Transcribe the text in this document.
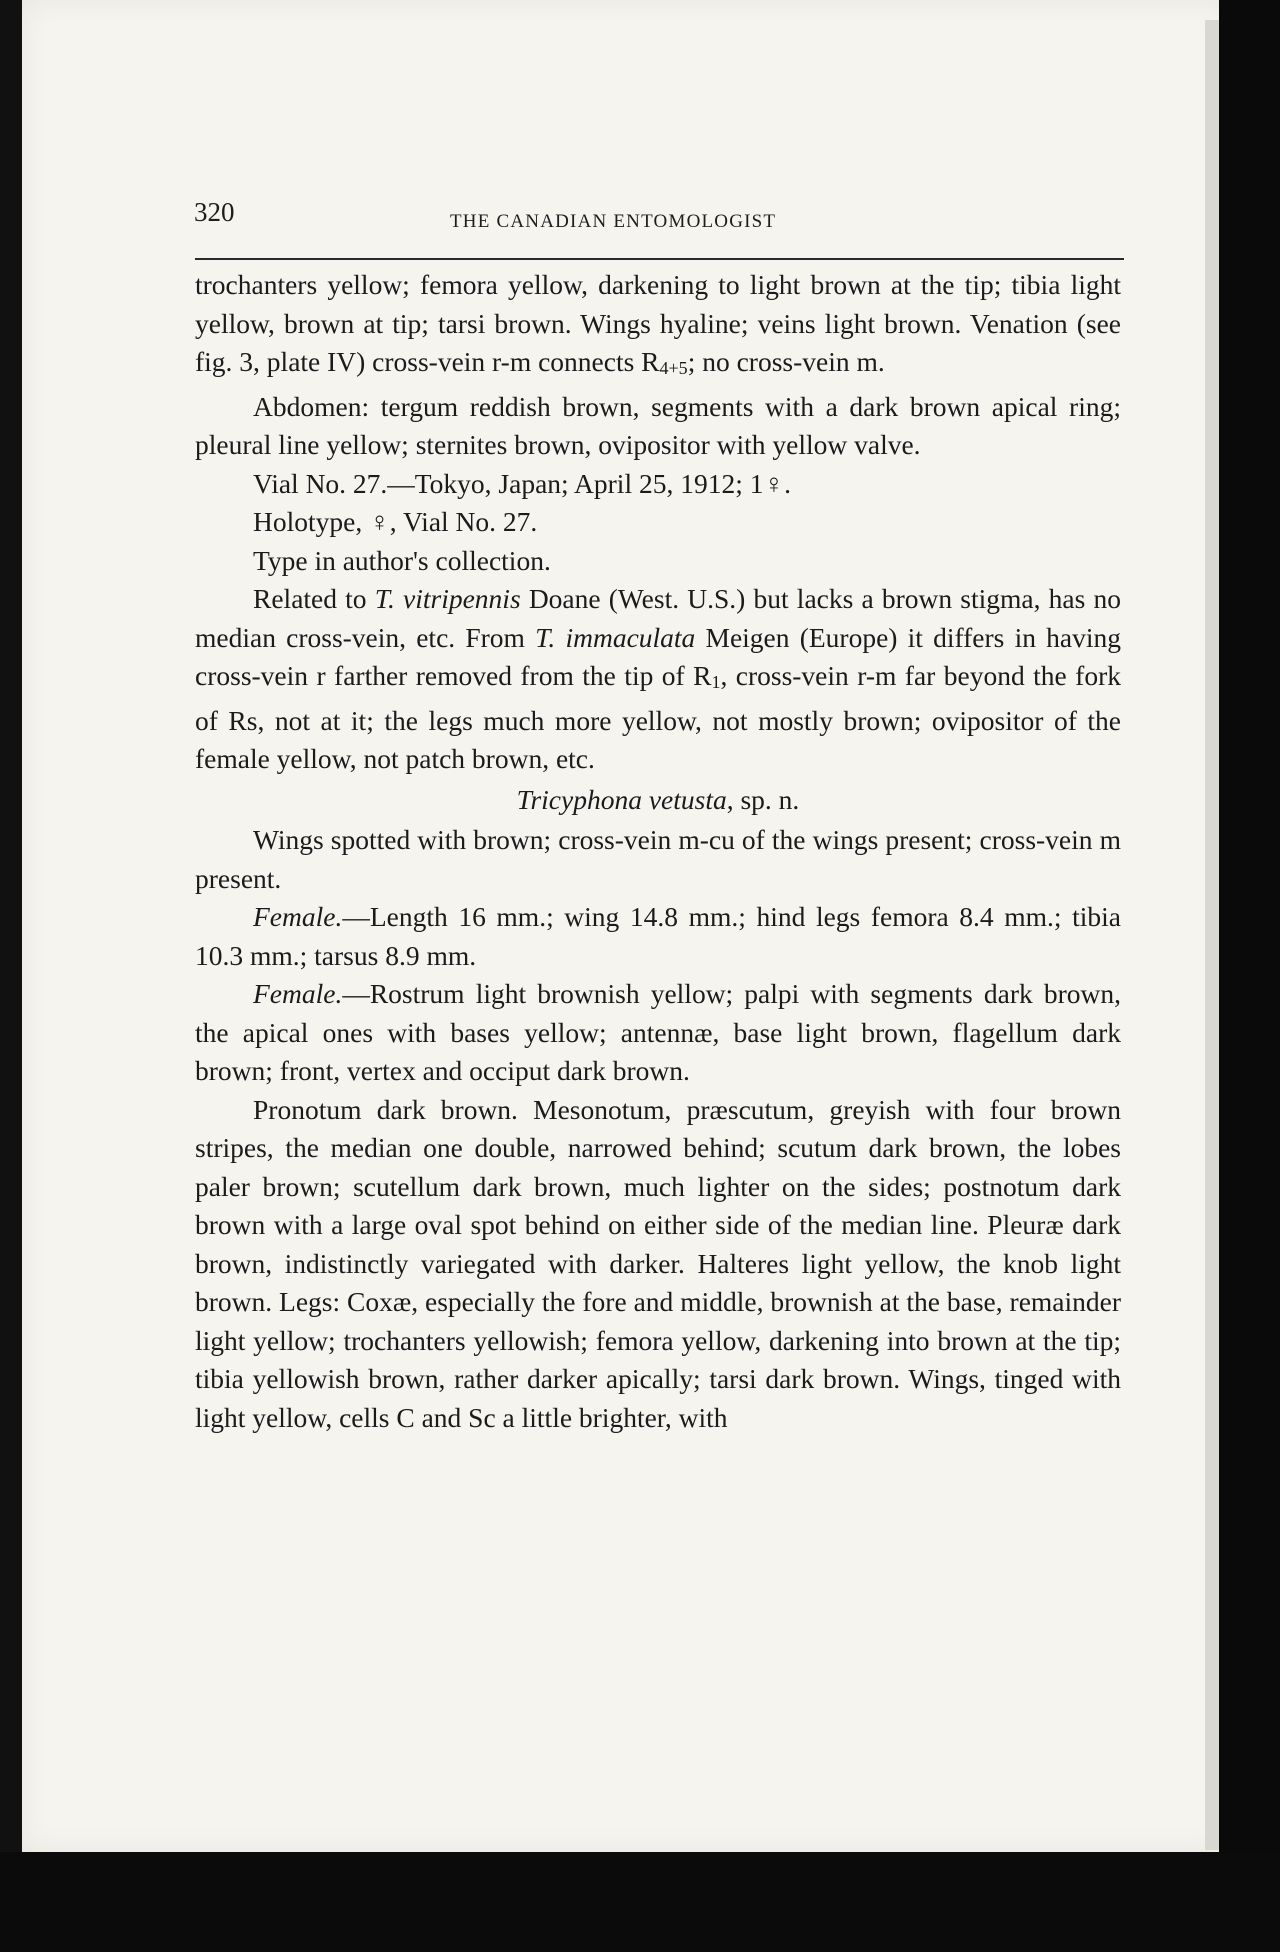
320	THE CANADIAN ENTOMOLOGIST

trochanters yellow; femora yellow, darkening to light brown at the tip; tibia light yellow, brown at tip; tarsi brown. Wings hyaline; veins light brown. Venation (see fig. 3, plate IV) cross-vein r-m connects R4+5; no cross-vein m.

Abdomen: tergum reddish brown, segments with a dark brown apical ring; pleural line yellow; sternites brown, ovipositor with yellow valve.

Vial No. 27.—Tokyo, Japan; April 25, 1912; 1♀.

Holotype, ♀, Vial No. 27.

Type in author's collection.

Related to T. vitripennis Doane (West. U.S.) but lacks a brown stigma, has no median cross-vein, etc. From T. immaculata Meigen (Europe) it differs in having cross-vein r farther removed from the tip of R1, cross-vein r-m far beyond the fork of Rs, not at it; the legs much more yellow, not mostly brown; ovipositor of the female yellow, not patch brown, etc.

Tricyphona vetusta, sp. n.

Wings spotted with brown; cross-vein m-cu of the wings present; cross-vein m present.

Female.—Length 16 mm.; wing 14.8 mm.; hind legs femora 8.4 mm.; tibia 10.3 mm.; tarsus 8.9 mm.

Female.—Rostrum light brownish yellow; palpi with segments dark brown, the apical ones with bases yellow; antennæ, base light brown, flagellum dark brown; front, vertex and occiput dark brown.

Pronotum dark brown. Mesonotum, præscutum, greyish with four brown stripes, the median one double, narrowed behind; scutum dark brown, the lobes paler brown; scutellum dark brown, much lighter on the sides; postnotum dark brown with a large oval spot behind on either side of the median line. Pleuræ dark brown, indistinctly variegated with darker. Halteres light yellow, the knob light brown. Legs: Coxæ, especially the fore and middle, brownish at the base, remainder light yellow; trochanters yellowish; femora yellow, darkening into brown at the tip; tibia yellowish brown, rather darker apically; tarsi dark brown. Wings, tinged with light yellow, cells C and Sc a little brighter, with
